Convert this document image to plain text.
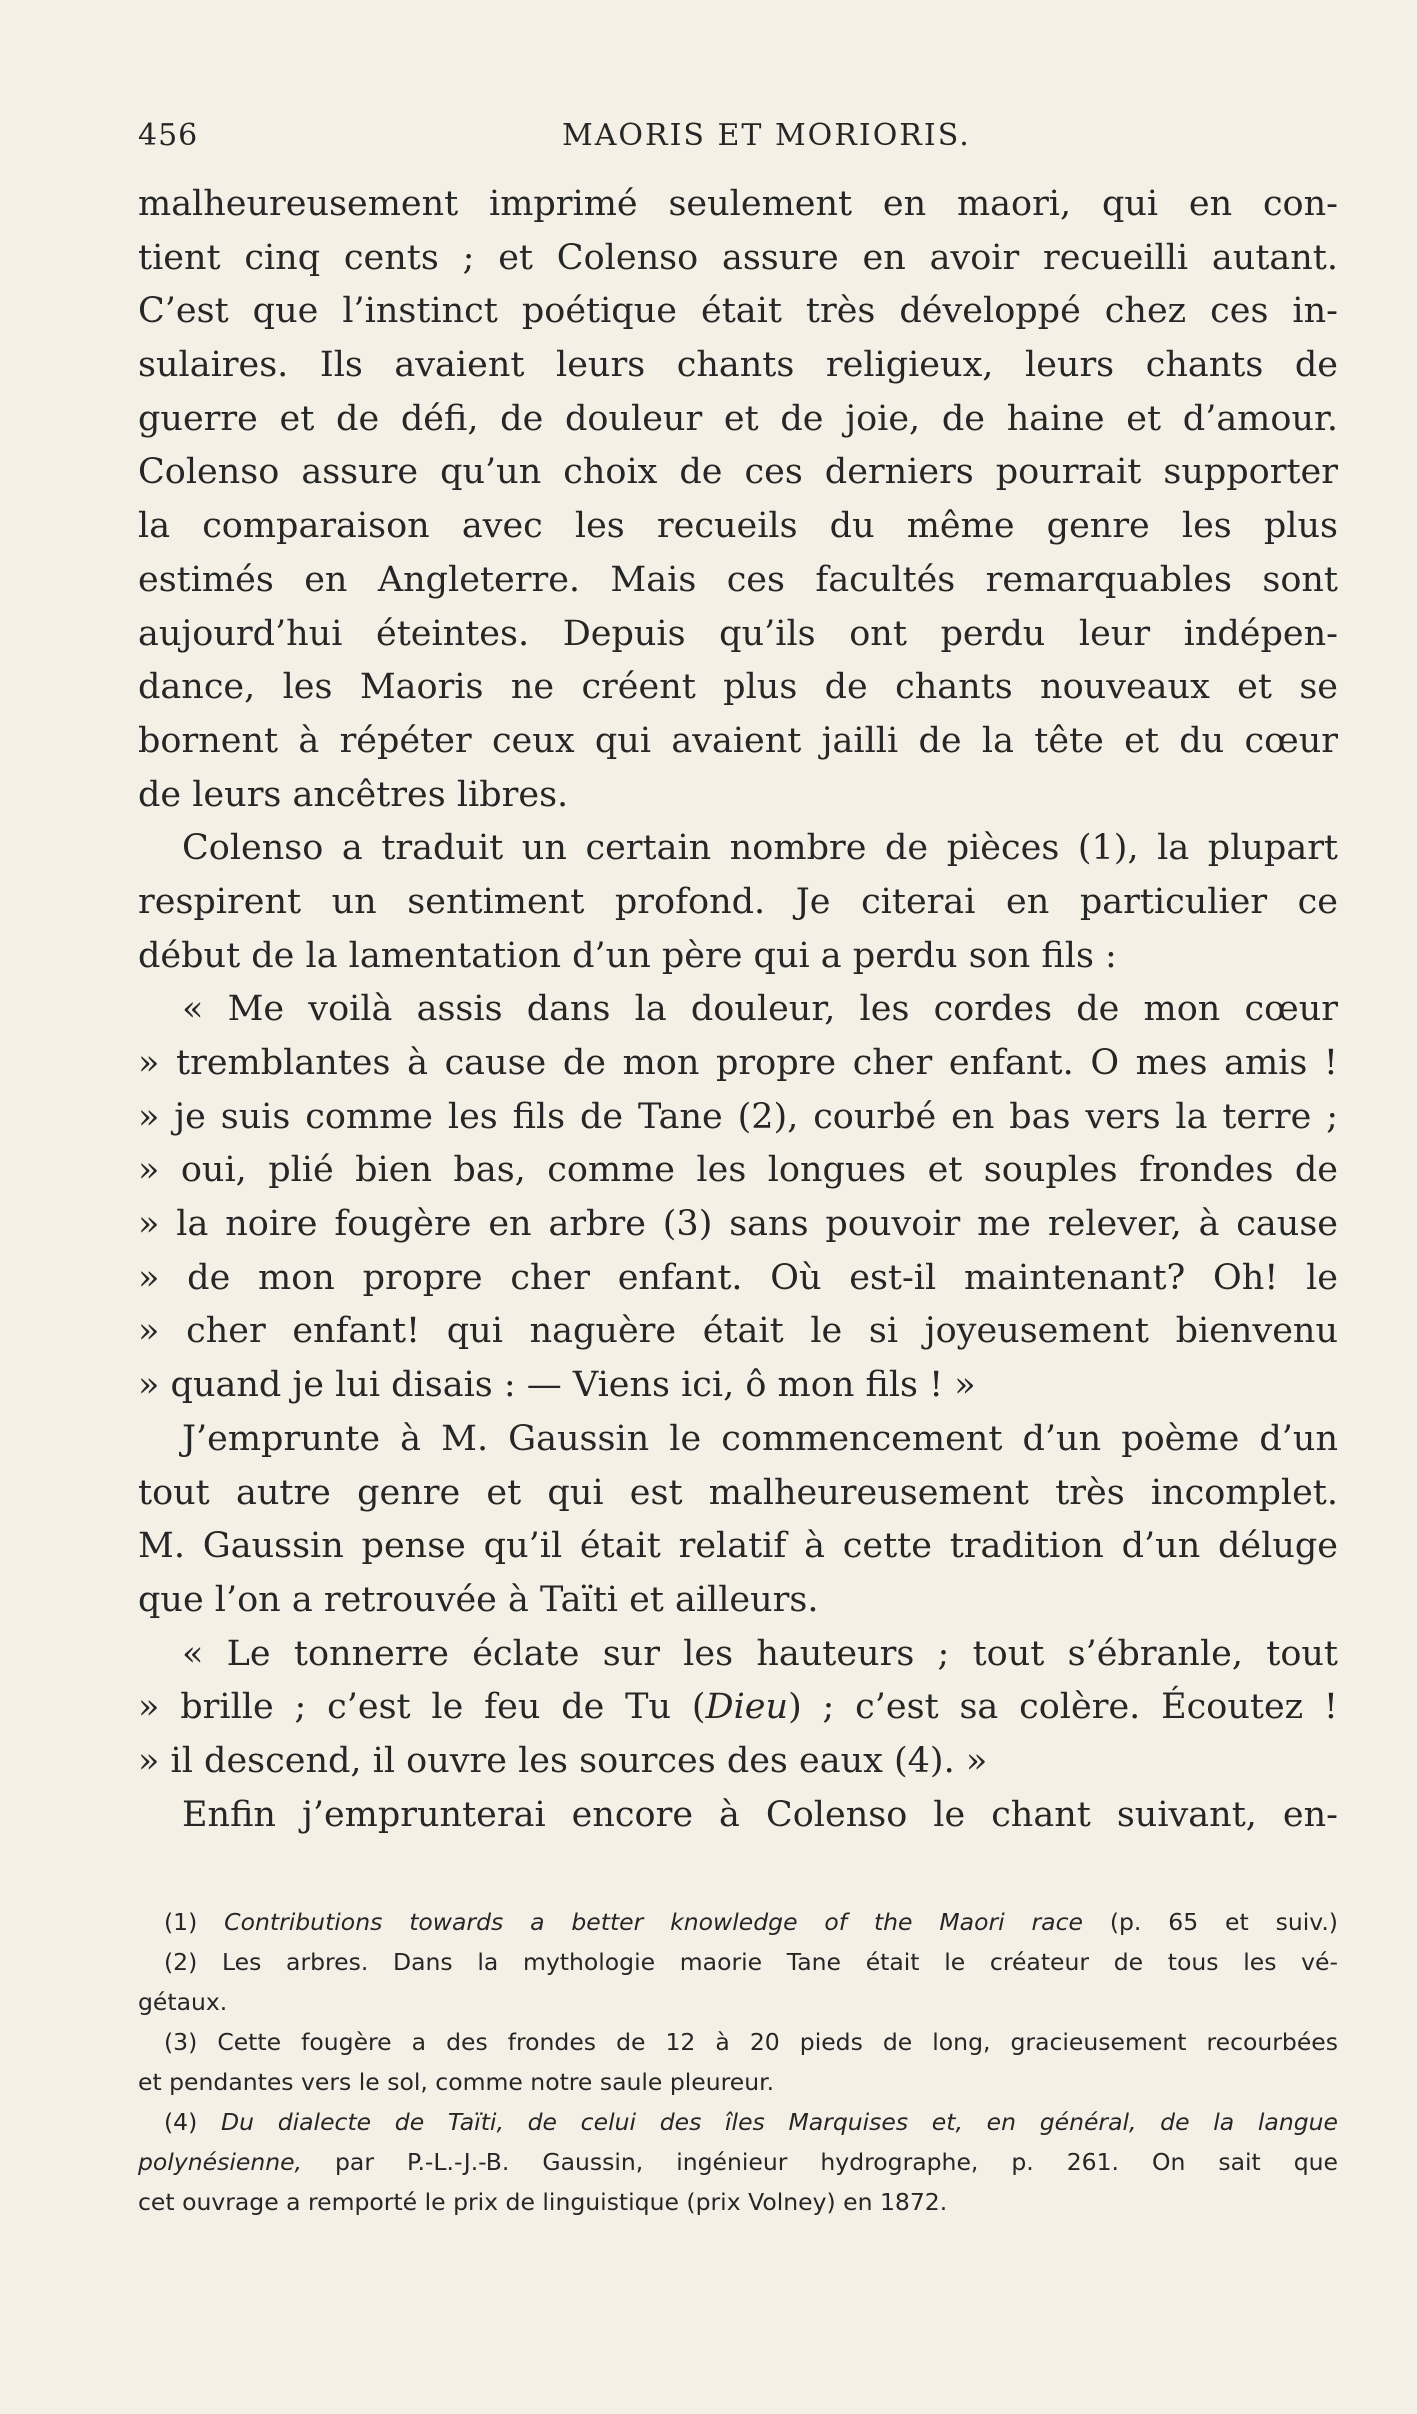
456	MAORIS ET MORIORIS.
malheureusement imprimé seulement en maori, qui en con-
tient cinq cents ; et Colenso assure en avoir recueilli autant.
C’est que l’instinct poétique était très développé chez ces in-
sulaires. Ils avaient leurs chants religieux, leurs chants de
guerre et de défi, de douleur et de joie, de haine et d’amour.
Colenso assure qu’un choix de ces derniers pourrait supporter
la comparaison avec les recueils du même genre les plus
estimés en Angleterre. Mais ces facultés remarquables sont
aujourd’hui éteintes. Depuis qu’ils ont perdu leur indépen-
dance, les Maoris ne créent plus de chants nouveaux et se
bornent à répéter ceux qui avaient jailli de la tête et du cœur
de leurs ancêtres libres.
Colenso a traduit un certain nombre de pièces (1), la plupart
respirent un sentiment profond. Je citerai en particulier ce
début de la lamentation d’un père qui a perdu son fils :
« Me voilà assis dans la douleur, les cordes de mon cœur
» tremblantes à cause de mon propre cher enfant. O mes amis !
» je suis comme les fils de Tane (2), courbé en bas vers la terre ;
» oui, plié bien bas, comme les longues et souples frondes de
» la noire fougère en arbre (3) sans pouvoir me relever, à cause
» de mon propre cher enfant. Où est-il maintenant? Oh! le
» cher enfant! qui naguère était le si joyeusement bienvenu
» quand je lui disais : — Viens ici, ô mon fils ! »
J’emprunte à M. Gaussin le commencement d’un poème d’un
tout autre genre et qui est malheureusement très incomplet.
M. Gaussin pense qu’il était relatif à cette tradition d’un déluge
que l’on a retrouvée à Taïti et ailleurs.
« Le tonnerre éclate sur les hauteurs ; tout s’ébranle, tout
» brille ; c’est le feu de Tu (Dieu) ; c’est sa colère. Écoutez !
» il descend, il ouvre les sources des eaux (4). »
Enfin j’emprunterai encore à Colenso le chant suivant, en-
(1) Contributions towards a better knowledge of the Maori race (p. 65 et suiv.)
(2) Les arbres. Dans la mythologie maorie Tane était le créateur de tous les vé-
gétaux.
(3) Cette fougère a des frondes de 12 à 20 pieds de long, gracieusement recourbées
et pendantes vers le sol, comme notre saule pleureur.
(4) Du dialecte de Taïti, de celui des îles Marquises et, en général, de la langue
polynésienne, par P.-L.-J.-B. Gaussin, ingénieur hydrographe, p. 261. On sait que
cet ouvrage a remporté le prix de linguistique (prix Volney) en 1872.
